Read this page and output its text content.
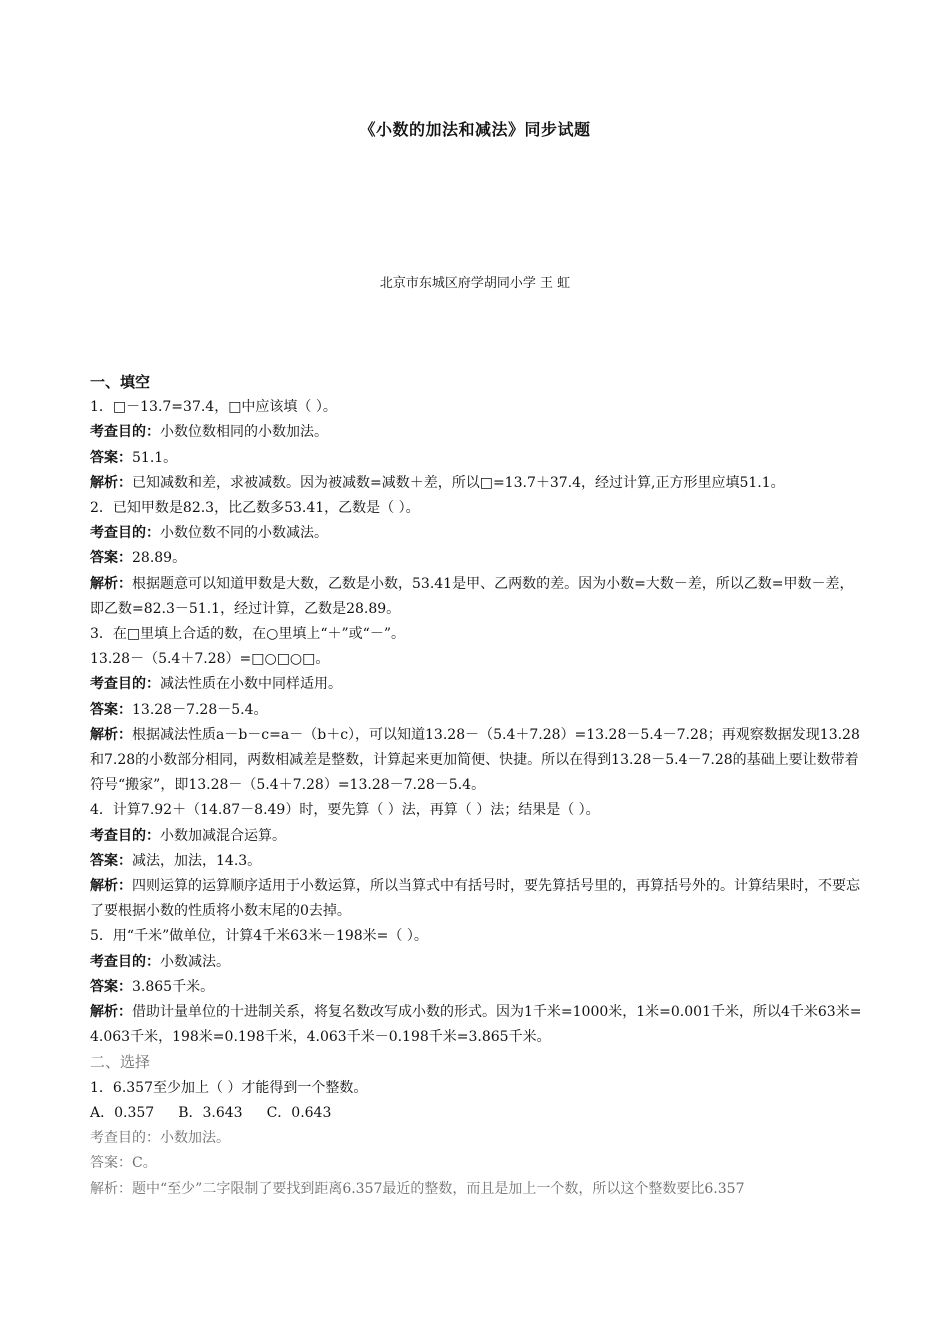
《小数的加法和减法》同步试题
北京市东城区府学胡同小学 王 虹

一、填空

1．□－13.7=37.4，□中应该填（ ）。

考查目的：小数位数相同的小数加法。

答案：51.1。

解析：已知减数和差，求被减数。因为被减数=减数＋差，所以□=13.7＋37.4，经过计算,正方形里应填51.1。

2．已知甲数是82.3，比乙数多53.41，乙数是（ ）。

考查目的：小数位数不同的小数减法。

答案：28.89。

解析：根据题意可以知道甲数是大数，乙数是小数，53.41是甲、乙两数的差。因为小数=大数－差，所以乙数=甲数－差，即乙数=82.3－51.1，经过计算，乙数是28.89。

3．在□里填上合适的数，在○里填上“＋”或“－”。

13.28－（5.4＋7.28）=□○□○□。

考查目的：减法性质在小数中同样适用。

答案：13.28－7.28－5.4。

解析：根据减法性质a－b－c=a－（b＋c），可以知道13.28－（5.4＋7.28）=13.28－5.4－7.28；再观察数据发现13.28和7.28的小数部分相同，两数相减差是整数，计算起来更加简便、快捷。所以在得到13.28－5.4－7.28的基础上要让数带着符号“搬家”，即13.28－（5.4＋7.28）=13.28－7.28－5.4。

4．计算7.92＋（14.87－8.49）时，要先算（ ）法，再算（ ）法；结果是（ ）。

考查目的：小数加减混合运算。

答案：减法，加法，14.3。

解析：四则运算的运算顺序适用于小数运算，所以当算式中有括号时，要先算括号里的，再算括号外的。计算结果时，不要忘了要根据小数的性质将小数末尾的0去掉。

5．用“千米”做单位，计算4千米63米－198米=（ ）。

考查目的：小数减法。

答案：3.865千米。

解析：借助计量单位的十进制关系，将复名数改写成小数的形式。因为1千米=1000米，1米=0.001千米，所以4千米63米=4.063千米，198米=0.198千米，4.063千米－0.198千米=3.865千米。

二、选择

1．6.357至少加上（ ）才能得到一个整数。

A．0.357 B．3.643 C．0.643

考查目的：小数加法。

答案：C。

解析：题中“至少”二字限制了要找到距离6.357最近的整数，而且是加上一个数，所以这个整数要比6.357
